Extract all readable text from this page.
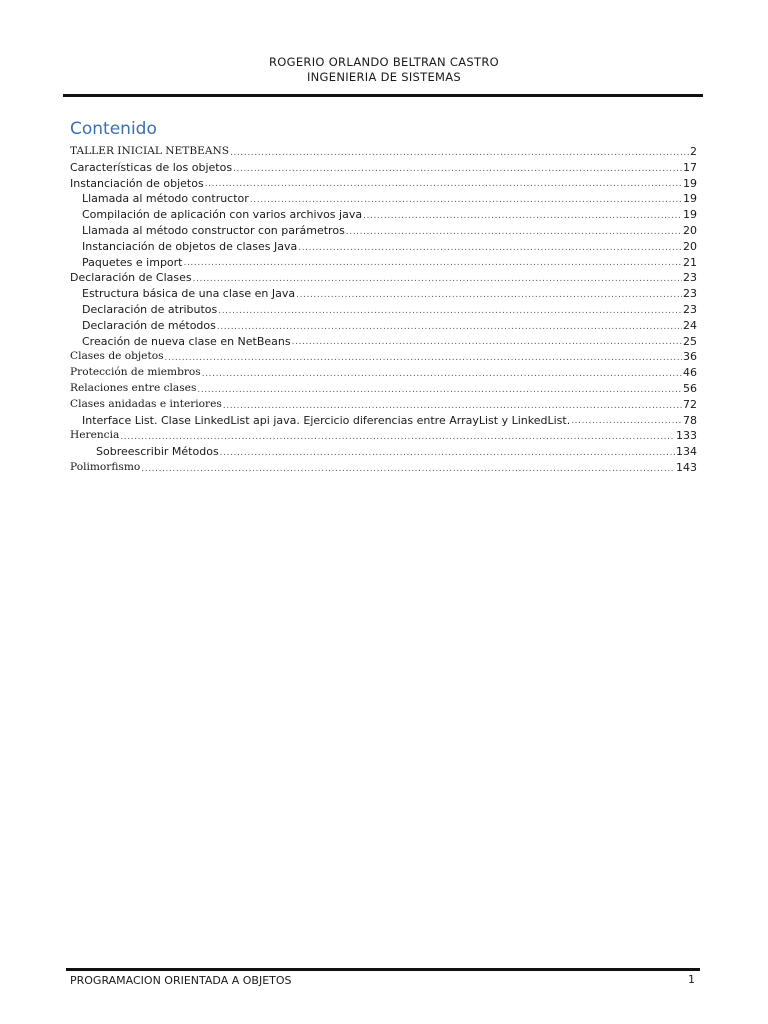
ROGERIO ORLANDO BELTRAN CASTRO
INGENIERIA DE SISTEMAS
Contenido
TALLER INICIAL NETBEANS .....	2
Características de los objetos .....	17
Instanciación de objetos .....	19
Llamada al método contructor .....	19
Compilación de aplicación con varios archivos java .....	19
Llamada al método constructor con parámetros .....	20
Instanciación de objetos de clases Java .....	20
Paquetes e import .....	21
Declaración de Clases .....	23
Estructura básica de una clase en Java .....	23
Declaración de atributos .....	23
Declaración de métodos .....	24
Creación de nueva clase en NetBeans .....	25
Clases de objetos .....	36
Protección de miembros .....	46
Relaciones entre clases .....	56
Clases anidadas e interiores .....	72
Interface List. Clase LinkedList api java. Ejercicio diferencias entre ArrayList y LinkedList. .....	78
Herencia .....	133
Sobreescribir Métodos .....	134
Polimorfismo .....	143
PROGRAMACION ORIENTADA A OBJETOS	1
